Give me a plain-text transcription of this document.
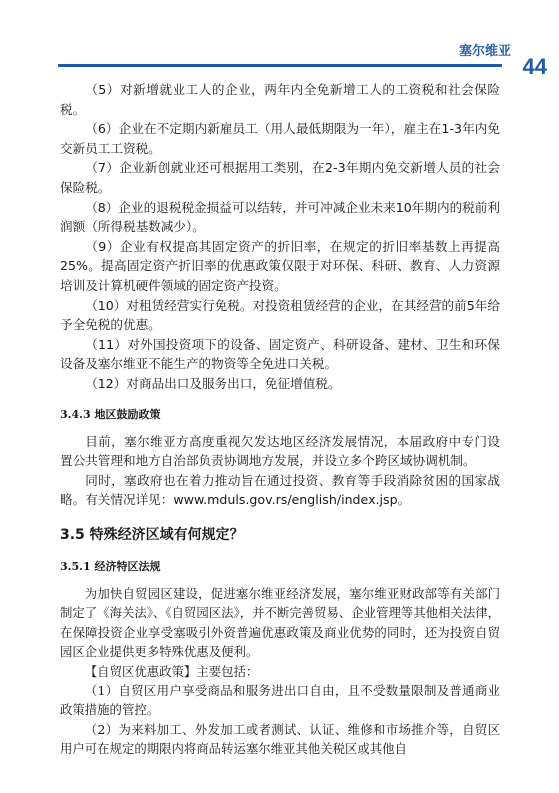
塞尔维亚
44

（5）对新增就业工人的企业，两年内全免新增工人的工资税和社会保险税。

（6）企业在不定期内新雇员工（用人最低期限为一年），雇主在1-3年内免交新员工工资税。

（7）企业新创就业还可根据用工类别，在2-3年期内免交新增人员的社会保险税。

（8）企业的退税税金损益可以结转，并可冲减企业未来10年期内的税前利润额（所得税基数减少）。

（9）企业有权提高其固定资产的折旧率，在规定的折旧率基数上再提高25%。提高固定资产折旧率的优惠政策仅限于对环保、科研、教育、人力资源培训及计算机硬件领域的固定资产投资。

（10）对租赁经营实行免税。对投资租赁经营的企业，在其经营的前5年给予全免税的优惠。

（11）对外国投资项下的设备、固定资产、科研设备、建材、卫生和环保设备及塞尔维亚不能生产的物资等全免进口关税。

（12）对商品出口及服务出口，免征增值税。

3.4.3 地区鼓励政策

目前，塞尔维亚方高度重视欠发达地区经济发展情况，本届政府中专门设置公共管理和地方自治部负责协调地方发展，并设立多个跨区域协调机制。

同时，塞政府也在着力推动旨在通过投资、教育等手段消除贫困的国家战略。有关情况详见：www.mduls.gov.rs/english/index.jsp。

3.5 特殊经济区域有何规定？
3.5.1 经济特区法规

为加快自贸园区建设，促进塞尔维亚经济发展，塞尔维亚财政部等有关部门制定了《海关法》、《自贸园区法》，并不断完善贸易、企业管理等其他相关法律，在保障投资企业享受塞吸引外资普遍优惠政策及商业优势的同时，还为投资自贸园区企业提供更多特殊优惠及便利。

【自贸区优惠政策】主要包括：

（1）自贸区用户享受商品和服务进出口自由，且不受数量限制及普通商业政策措施的管控。

（2）为来料加工、外发加工或者测试、认证、维修和市场推介等，自贸区用户可在规定的期限内将商品转运塞尔维亚其他关税区或其他自
